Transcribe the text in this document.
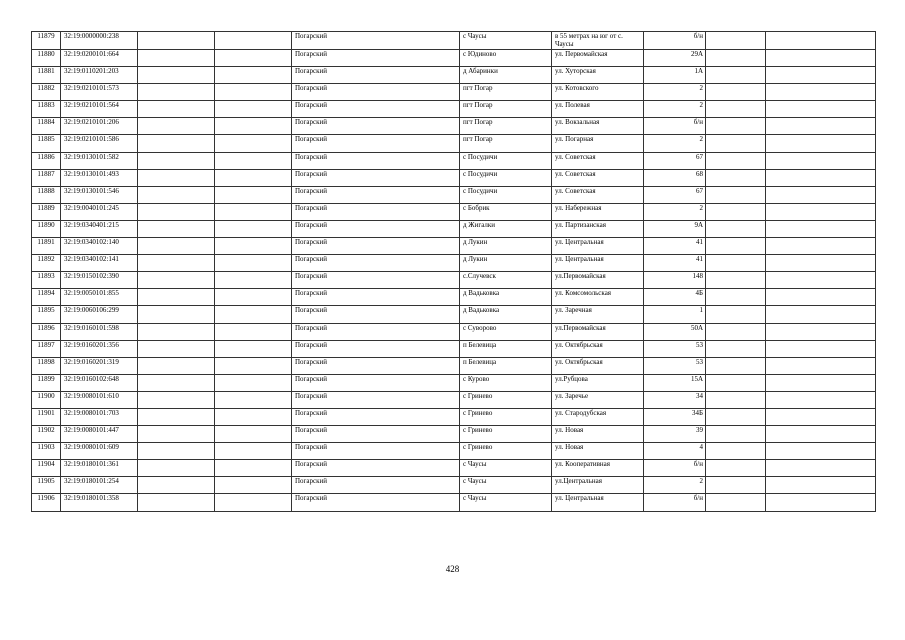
11879	32:19:0000000:238			Погарский	с Чаусы	в 55 метрах на юг от с. Чаусы	б/н		
11880	32:19:0200101:664			Погарский	с Юдиново	ул. Первомайская	29А		
11881	32:19:0110201:203			Погарский	д Абаринки	ул. Хуторская	1А		
11882	32:19:0210101:573			Погарский	пгт Погар	ул. Котовского	2		
11883	32:19:0210101:564			Погарский	пгт Погар	ул. Полевая	2		
11884	32:19:0210101:206			Погарский	пгт Погар	ул. Вокзальная	б/н		
11885	32:19:0210101:586			Погарский	пгт Погар	ул. Погарная	2		
11886	32:19:0130101:582			Погарский	с Посудичи	ул. Советская	67		
11887	32:19:0130101:493			Погарский	с Посудичи	ул. Советская	68		
11888	32:19:0130101:546			Погарский	с Посудичи	ул. Советская	67		
11889	32:19:0040101:245			Погарский	с Бобрик	ул. Набережная	2		
11890	32:19:0340401:215			Погарский	д Жигалки	ул. Партизанская	9А		
11891	32:19:0340102:140			Погарский	д Лукин	ул. Центральная	41		
11892	32:19:0340102:141			Погарский	д Лукин	ул. Центральная	41		
11893	32:19:0150102:390			Погарский	с.Случевск	ул.Первомайская	148		
11894	32:19:0050101:855			Погарский	д Вадьковка	ул. Комсомольская	4Б		
11895	32:19:0060106:299			Погарский	д Вадьковка	ул. Заречная	1		
11896	32:19:0160101:598			Погарский	с Суворово	ул.Первомайская	50А		
11897	32:19:0160201:356			Погарский	п Белевица	ул. Октябрьская	53		
11898	32:19:0160201:319			Погарский	п Белевица	ул. Октябрьская	53		
11899	32:19:0160102:648			Погарский	с Курово	ул.Рубцова	15А		
11900	32:19:0080101:610			Погарский	с Гринево	ул. Заречье	34		
11901	32:19:0080101:703			Погарский	с Гринево	ул. Стародубская	34Б		
11902	32:19:0080101:447			Погарский	с Гринево	ул. Новая	39		
11903	32:19:0080101:609			Погарский	с Гринево	ул. Новая	4		
11904	32:19:0180101:361			Погарский	с Чаусы	ул. Кооперативная	б/н		
11905	32:19:0180101:254			Погарский	с Чаусы	ул.Центральная	2		
11906	32:19:0180101:358			Погарский	с Чаусы	ул. Центральная	б/н		
428
